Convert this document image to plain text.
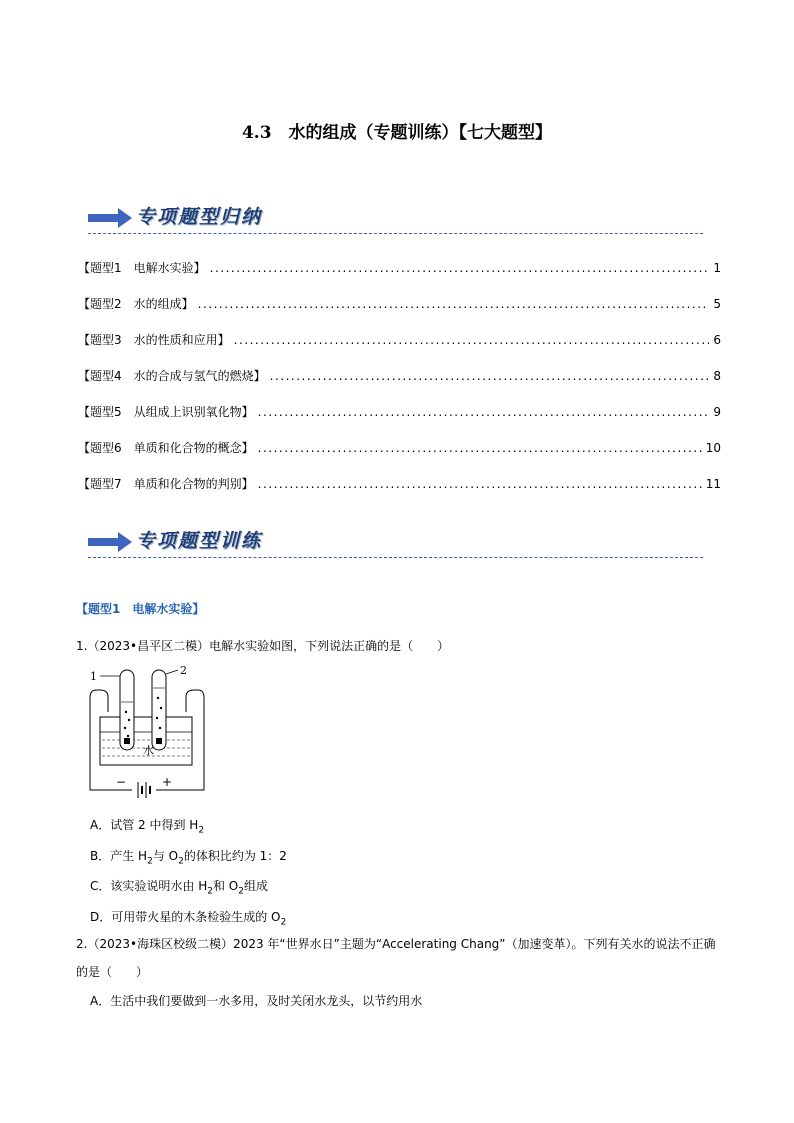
4.3　水的组成（专题训练）【七大题型】
专项题型归纳
【题型1　电解水实验】 .....	1
【题型2　水的组成】 .....	5
【题型3　水的性质和应用】 .....	6
【题型4　水的合成与氢气的燃烧】 .....	8
【题型5　从组成上识别氧化物】 .....	9
【题型6　单质和化合物的概念】 .....	10
【题型7　单质和化合物的判别】 .....	11
专项题型训练
【题型1　电解水实验】
1.（2023•昌平区二模）电解水实验如图，下列说法正确的是（　　）
1	2
水
−	+
A．试管 2 中得到 $H_2$
B．产生 $H_2$与 $O_2$的体积比约为 1：2
C．该实验说明水由 $H_2$和 $O_2$组成
D．可用带火星的木条检验生成的 $O_2$
2.（2023•海珠区校级二模）2023 年“世界水日”主题为“Accelerating Chang”（加速变革）。下列有关水的说法不正确的是（　　）
A．生活中我们要做到一水多用，及时关闭水龙头，以节约用水
